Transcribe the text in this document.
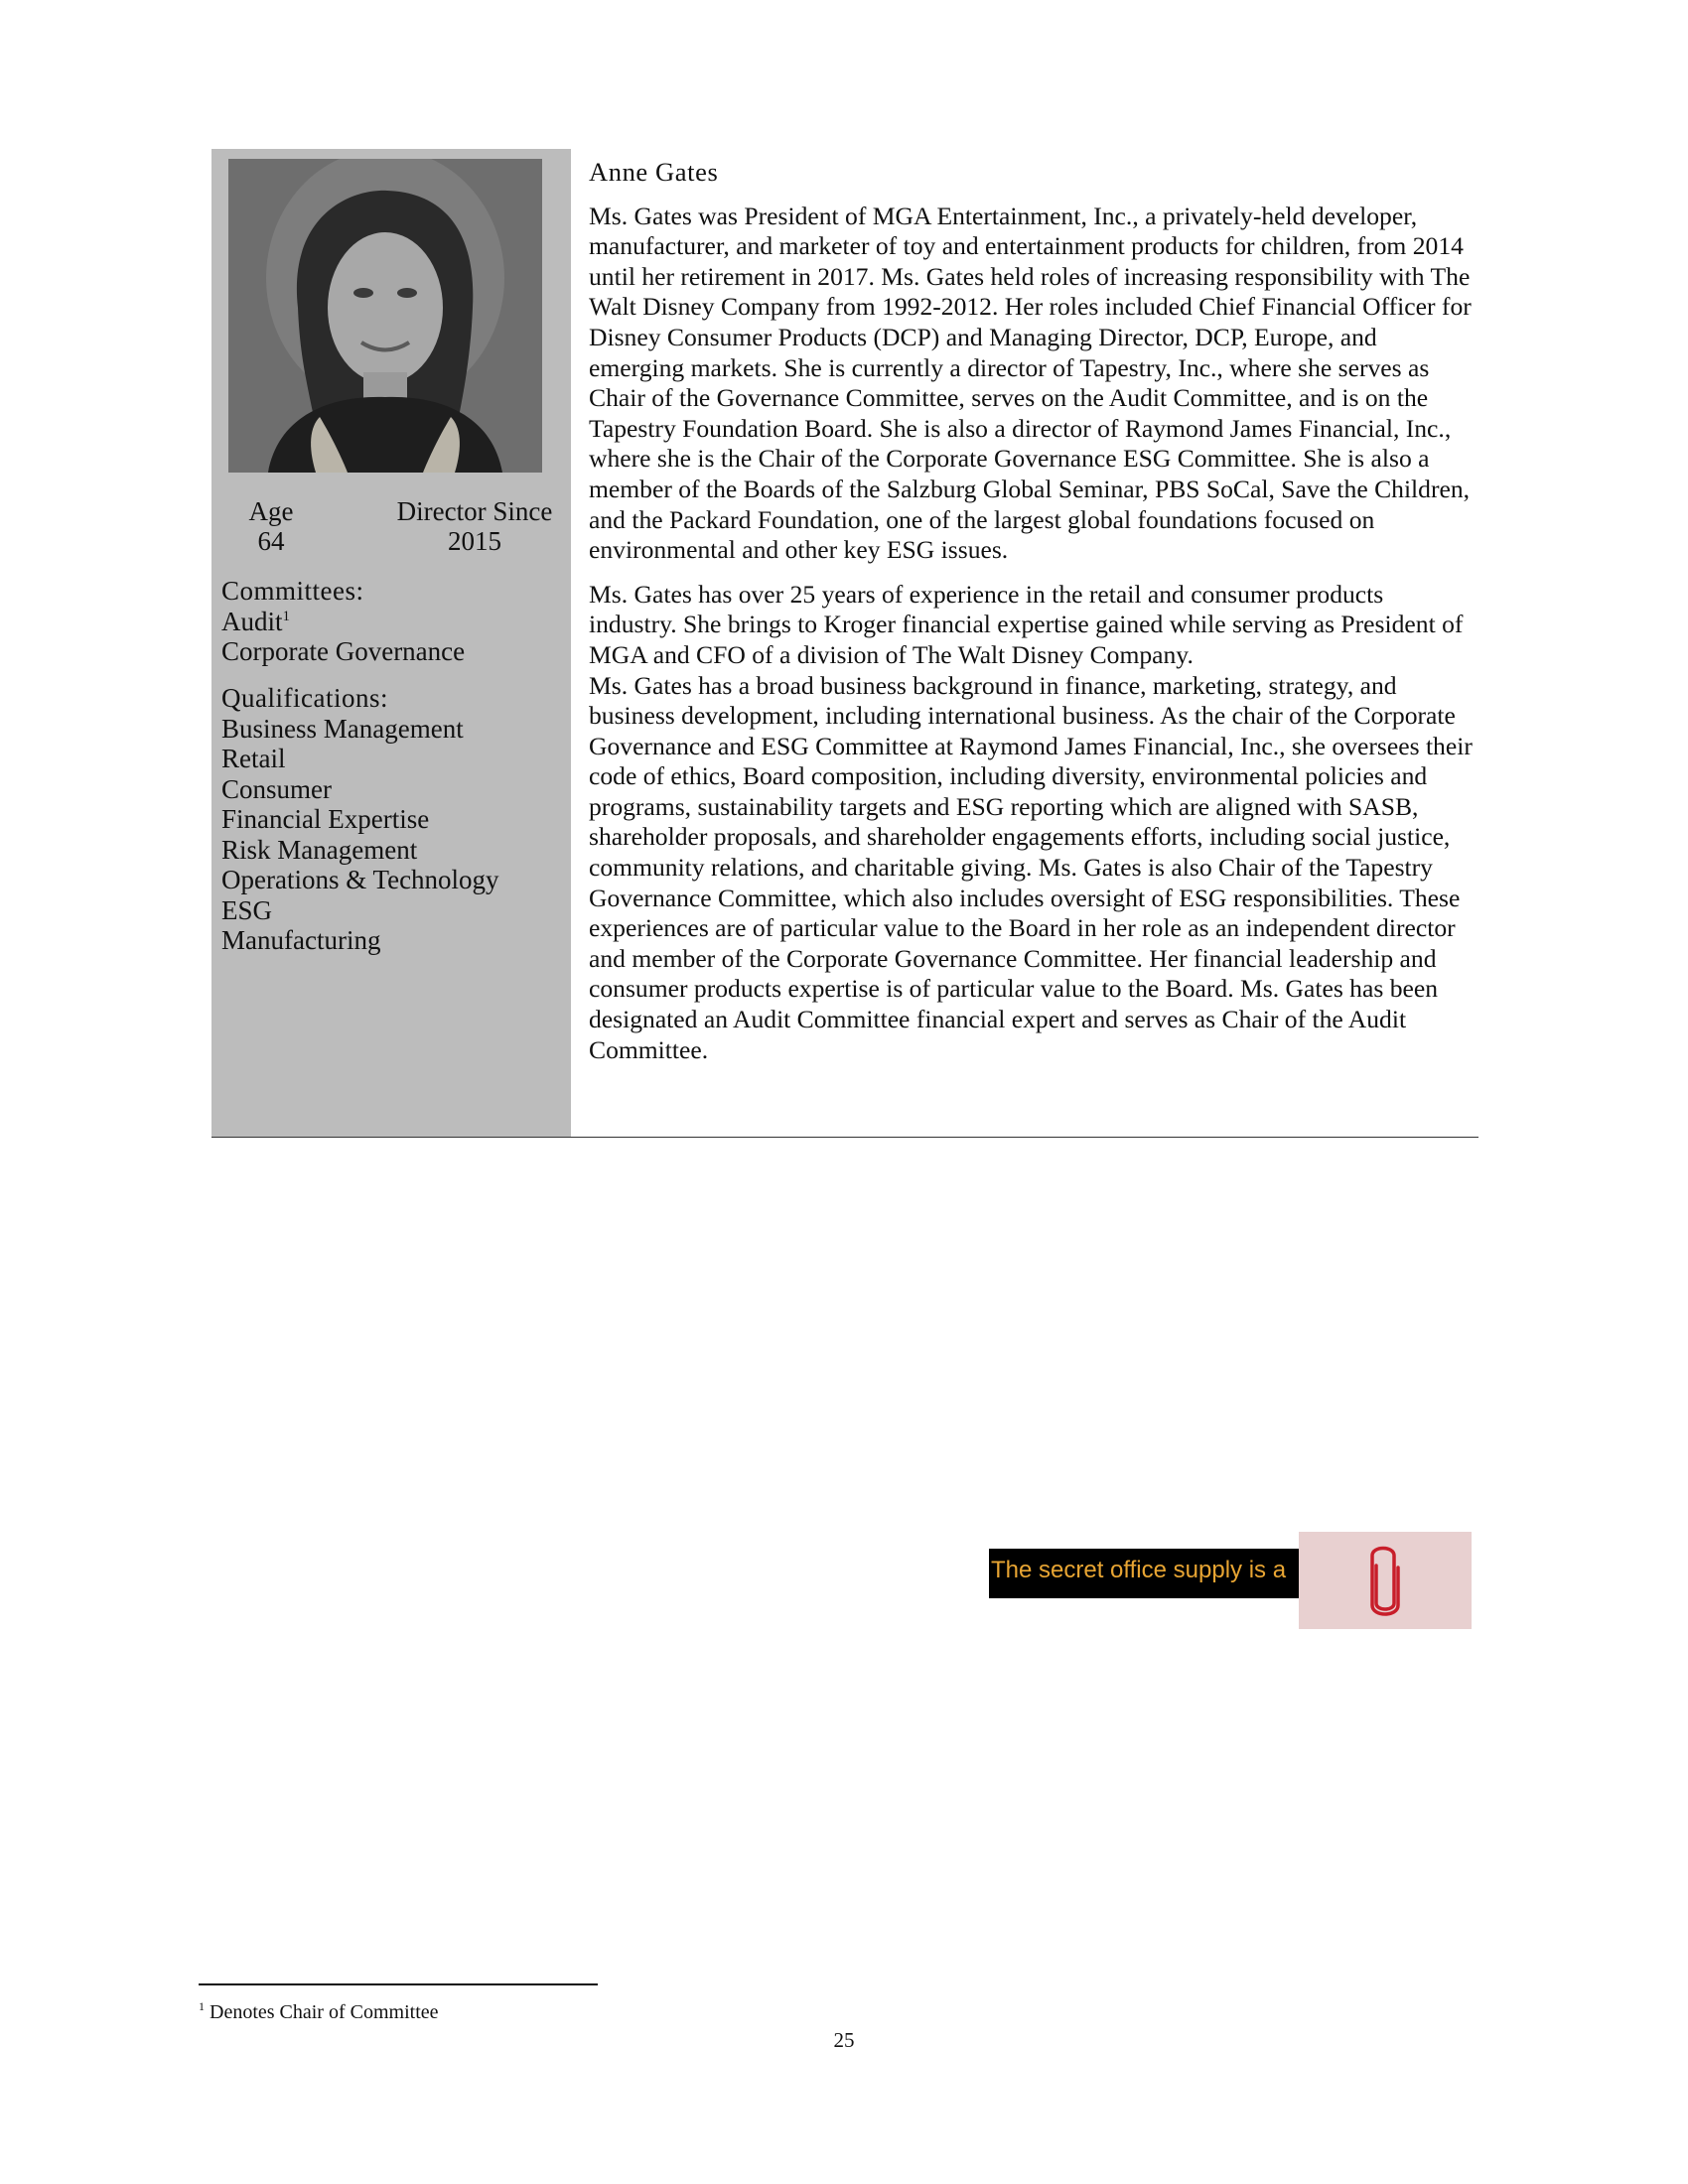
Age
64
Director Since
2015
Committees:
Audit$^1$
Corporate Governance
Qualifications:
Business Management
Retail
Consumer
Financial Expertise
Risk Management
Operations & Technology
ESG
Manufacturing
Anne Gates

Ms. Gates was President of MGA Entertainment, Inc., a privately-held developer, manufacturer, and marketer of toy and entertainment products for children, from 2014 until her retirement in 2017. Ms. Gates held roles of increasing responsibility with The Walt Disney Company from 1992-2012. Her roles included Chief Financial Officer for Disney Consumer Products (DCP) and Managing Director, DCP, Europe, and emerging markets. She is currently a director of Tapestry, Inc., where she serves as Chair of the Governance Committee, serves on the Audit Committee, and is on the Tapestry Foundation Board. She is also a director of Raymond James Financial, Inc., where she is the Chair of the Corporate Governance ESG Committee. She is also a member of the Boards of the Salzburg Global Seminar, PBS SoCal, Save the Children, and the Packard Foundation, one of the largest global foundations focused on environmental and other key ESG issues.

Ms. Gates has over 25 years of experience in the retail and consumer products industry. She brings to Kroger financial expertise gained while serving as President of MGA and CFO of a division of The Walt Disney Company.

Ms. Gates has a broad business background in finance, marketing, strategy, and business development, including international business. As the chair of the Corporate Governance and ESG Committee at Raymond James Financial, Inc., she oversees their code of ethics, Board composition, including diversity, environmental policies and programs, sustainability targets and ESG reporting which are aligned with SASB, shareholder proposals, and shareholder engagements efforts, including social justice, community relations, and charitable giving. Ms. Gates is also Chair of the Tapestry Governance Committee, which also includes oversight of ESG responsibilities. These experiences are of particular value to the Board in her role as an independent director and member of the Corporate Governance Committee. Her financial leadership and consumer products expertise is of particular value to the Board. Ms. Gates has been designated an Audit Committee financial expert and serves as Chair of the Audit Committee.

The secret office supply is a
$^1$ Denotes Chair of Committee
25
